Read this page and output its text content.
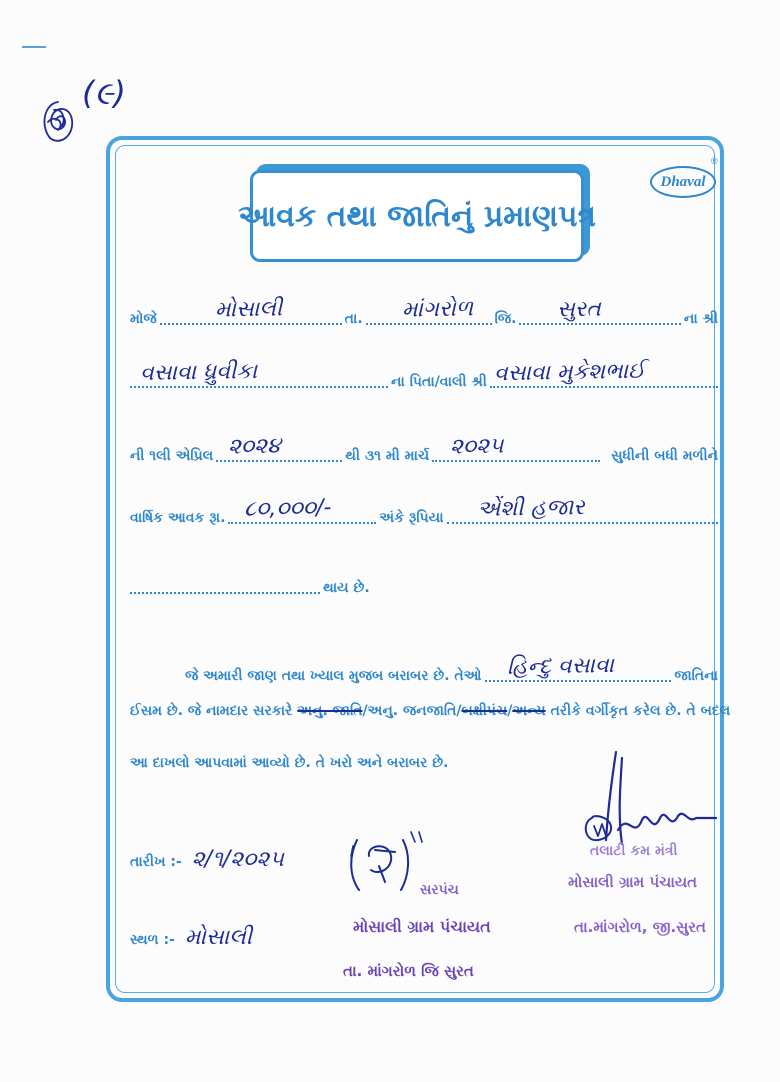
(૯)
Dhaval
®
આવક તથા જાતિનું પ્રમાણપત્ર
મોજે	મોસાલી	તા. માંગરોળ જિ. સુરત	ના શ્રી
વસાવા ધ્રુવીકા	ના પિતા/વાલી શ્રી વસાવા મુકેશભાઈ
ની ૧લી એપ્રિલ ૨૦૨૪	થી ૩૧ મી માર્ચ ૨૦૨૫	સુધીની બધી મળીને
વાર્ષિક આવક રૂા. ૮૦,૦૦૦/-	અંકે રૂપિયા એંશી હજાર
થાય છે.
જે અમારી જાણ તથા ખ્યાલ મુજબ બરાબર છે. તેઓ હિન્દુ વસાવા	જાતિના
ઈસમ છે. જે નામદાર સરકારે અનુ. જાતિ/અનુ. જનજાતિ/બક્ષીપંચ/અન્ય તરીકે વર્ગીકૃત કરેલ છે. તે બદલ
આ દાખલો આપવામાં આવ્યો છે. તે ખરો અને બરાબર છે.
તારીખ :- ૨/૧/૨૦૨૫
સ્થળ :- મોસાલી
સરપંચ
મોસાલી ગ્રામ પંચાયત
તા. માંગરોળ જિ સુરત
તલાટી કમ મંત્રી
મોસાલી ગ્રામ પંચાયત
તા.માંગરોળ, જી.સુરત
